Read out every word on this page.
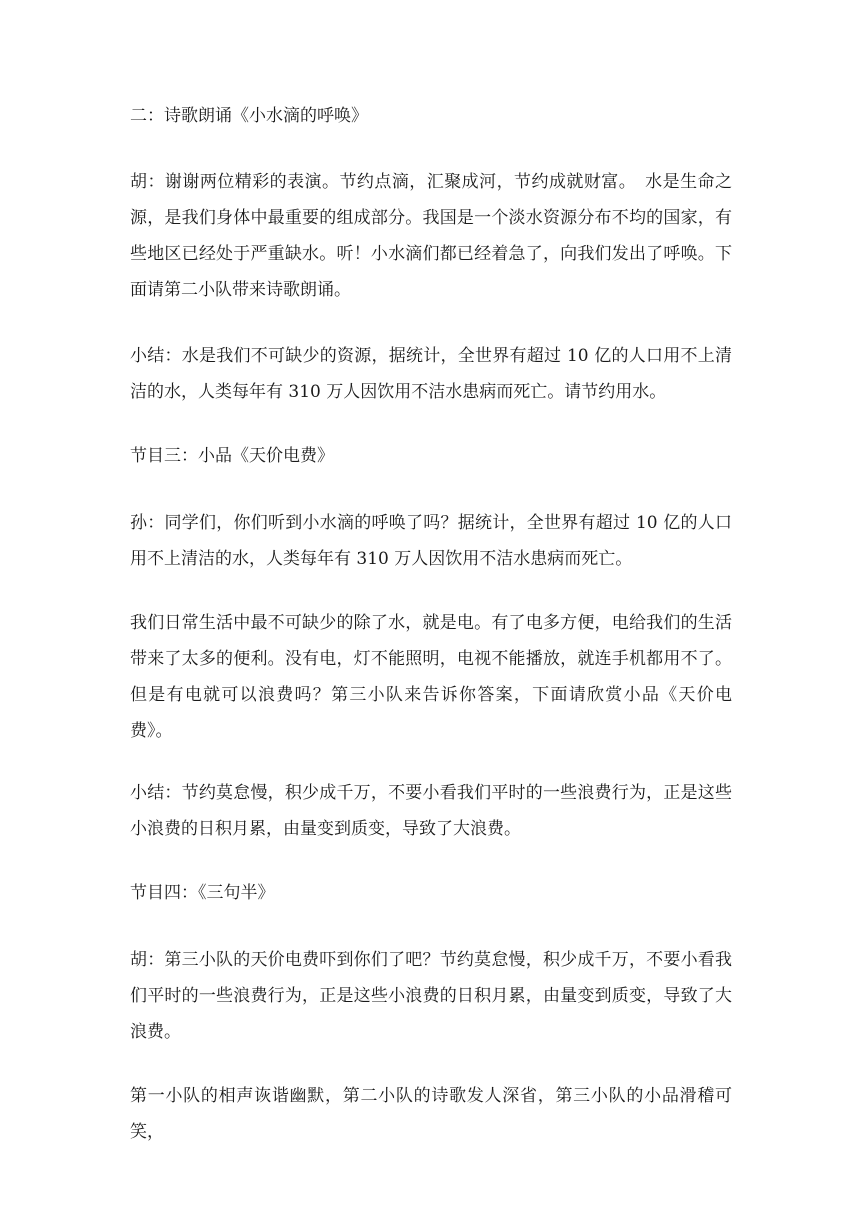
二：诗歌朗诵《小水滴的呼唤》

胡：谢谢两位精彩的表演。节约点滴，汇聚成河，节约成就财富。　水是生命之源，是我们身体中最重要的组成部分。我国是一个淡水资源分布不均的国家，有些地区已经处于严重缺水。听！小水滴们都已经着急了，向我们发出了呼唤。下面请第二小队带来诗歌朗诵。

小结：水是我们不可缺少的资源，据统计，全世界有超过 10 亿的人口用不上清洁的水，人类每年有 310 万人因饮用不洁水患病而死亡。请节约用水。

节目三：小品《天价电费》

孙：同学们，你们听到小水滴的呼唤了吗？据统计，全世界有超过 10 亿的人口用不上清洁的水，人类每年有 310 万人因饮用不洁水患病而死亡。

我们日常生活中最不可缺少的除了水，就是电。有了电多方便，电给我们的生活带来了太多的便利。没有电，灯不能照明，电视不能播放，就连手机都用不了。但是有电就可以浪费吗？第三小队来告诉你答案，下面请欣赏小品《天价电费》。

小结：节约莫怠慢，积少成千万，不要小看我们平时的一些浪费行为，正是这些小浪费的日积月累，由量变到质变，导致了大浪费。

节目四：《三句半》

胡：第三小队的天价电费吓到你们了吧？节约莫怠慢，积少成千万，不要小看我们平时的一些浪费行为，正是这些小浪费的日积月累，由量变到质变，导致了大浪费。

第一小队的相声诙谐幽默，第二小队的诗歌发人深省，第三小队的小品滑稽可笑，
